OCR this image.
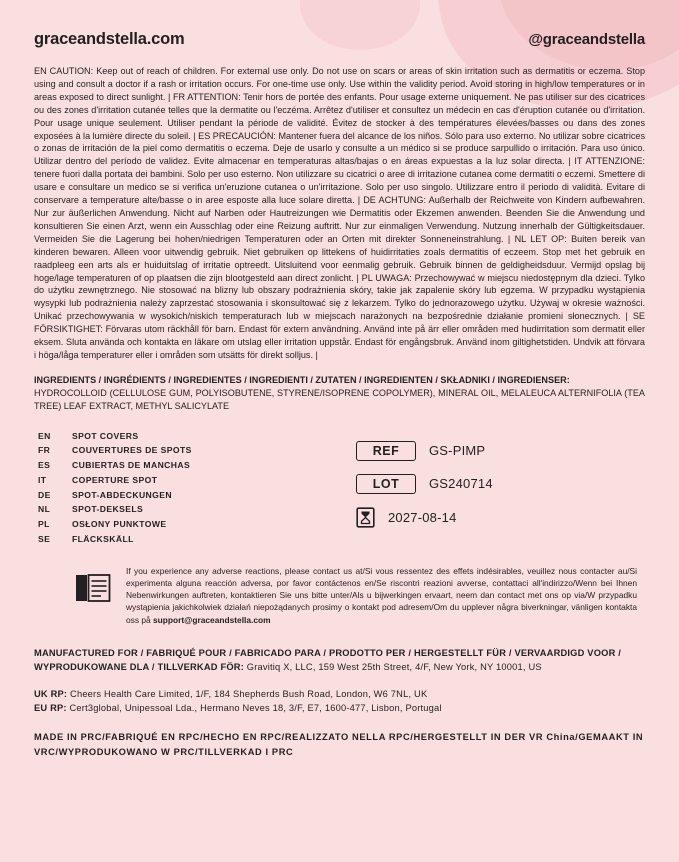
graceandstella.com	@graceandstella
EN CAUTION: Keep out of reach of children. For external use only. Do not use on scars or areas of skin irritation such as dermatitis or eczema. Stop using and consult a doctor if a rash or irritation occurs. For one-time use only. Use within the validity period. Avoid storing in high/low temperatures or in areas exposed to direct sunlight. | FR ATTENTION: Tenir hors de portée des enfants. Pour usage externe uniquement. Ne pas utiliser sur des cicatrices ou des zones d'irritation cutanée telles que la dermatite ou l'eczéma. Arrêtez d'utiliser et consultez un médecin en cas d'éruption cutanée ou d'irritation. Pour usage unique seulement. Utiliser pendant la période de validité. Évitez de stocker à des températures élevées/basses ou dans des zones exposées à la lumière directe du soleil. | ES PRECAUCIÓN: Mantener fuera del alcance de los niños. Sólo para uso externo. No utilizar sobre cicatrices o zonas de irritación de la piel como dermatitis o eczema. Deje de usarlo y consulte a un médico si se produce sarpullido o irritación. Para uso único. Utilizar dentro del período de validez. Evite almacenar en temperaturas altas/bajas o en áreas expuestas a la luz solar directa. | IT ATTENZIONE: tenere fuori dalla portata dei bambini. Solo per uso esterno. Non utilizzare su cicatrici o aree di irritazione cutanea come dermatiti o eczemi. Smettere di usare e consultare un medico se si verifica un'eruzione cutanea o un'irritazione. Solo per uso singolo. Utilizzare entro il periodo di validità. Evitare di conservare a temperature alte/basse o in aree esposte alla luce solare diretta. | DE ACHTUNG: Außerhalb der Reichweite von Kindern aufbewahren. Nur zur äußerlichen Anwendung. Nicht auf Narben oder Hautreizungen wie Dermatitis oder Ekzemen anwenden. Beenden Sie die Anwendung und konsultieren Sie einen Arzt, wenn ein Ausschlag oder eine Reizung auftritt. Nur zur einmaligen Verwendung. Nutzung innerhalb der Gültigkeitsdauer. Vermeiden Sie die Lagerung bei hohen/niedrigen Temperaturen oder an Orten mit direkter Sonneneinstrahlung. | NL LET OP: Buiten bereik van kinderen bewaren. Alleen voor uitwendig gebruik. Niet gebruiken op littekens of huidirritaties zoals dermatitis of eczeem. Stop met het gebruik en raadpleeg een arts als er huiduitslag of irritatie optreedt. Uitsluitend voor eenmalig gebruik. Gebruik binnen de geldigheidsduur. Vermijd opslag bij hoge/lage temperaturen of op plaatsen die zijn blootgesteld aan direct zonlicht. | PL UWAGA: Przechowywać w miejscu niedostępnym dla dzieci. Tylko do użytku zewnętrznego. Nie stosować na blizny lub obszary podrażnienia skóry, takie jak zapalenie skóry lub egzema. W przypadku wystąpienia wysypki lub podrażnienia należy zaprzestać stosowania i skonsultować się z lekarzem. Tylko do jednorazowego użytku. Używaj w okresie ważności. Unikać przechowywania w wysokich/niskich temperaturach lub w miejscach narażonych na bezpośrednie działanie promieni słonecznych. | SE FÖRSIKTIGHET: Förvaras utom räckhåll för barn. Endast för extern användning. Använd inte på ärr eller områden med hudirritation som dermatit eller eksem. Sluta använda och kontakta en läkare om utslag eller irritation uppstår. Endast för engångsbruk. Använd inom giltighetstiden. Undvik att förvara i höga/låga temperaturer eller i områden som utsätts för direkt solljus. |
INGREDIENTS / INGRÉDIENTS / INGREDIENTES / INGREDIENTI / ZUTATEN / INGREDIENTEN / SKŁADNIKI / INGREDIENSER:
HYDROCOLLOID (CELLULOSE GUM, POLYISOBUTENE, STYRENE/ISOPRENE COPOLYMER), MINERAL OIL, MELALEUCA ALTERNIFOLIA (TEA TREE) LEAF EXTRACT, METHYL SALICYLATE
EN	SPOT COVERS
FR	COUVERTURES DE SPOTS
ES	CUBIERTAS DE MANCHAS
IT	COPERTURE SPOT
DE	SPOT-ABDECKUNGEN
NL	SPOT-DEKSELS
PL	OSŁONY PUNKTOWE
SE	FLÄCKSKÄLL
REF	GS-PIMP
LOT	GS240714
2027-08-14
If you experience any adverse reactions, please contact us at/Si vous ressentez des effets indésirables, veuillez nous contacter au/Si experimenta alguna reacción adversa, por favor contáctenos en/Se riscontri reazioni avverse, contattaci all'indirizzo/Wenn bei Ihnen Nebenwirkungen auftreten, kontaktieren Sie uns bitte unter/Als u bijwerkingen ervaart, neem dan contact met ons op via/W przypadku wystąpienia jakichkolwiek działań niepożądanych prosimy o kontakt pod adresem/Om du upplever några biverkningar, vänligen kontakta oss på support@graceandstella.com
MANUFACTURED FOR / FABRIQUÉ POUR / FABRICADO PARA / PRODOTTO PER / HERGESTELLT FÜR / VERVAARDIGD VOOR / WYPRODUKOWANE DLA / TILLVERKAD FÖR: Gravitiq X, LLC, 159 West 25th Street, 4/F, New York, NY 10001, US
UK RP: Cheers Health Care Limited, 1/F, 184 Shepherds Bush Road, London, W6 7NL, UK
EU RP: Cert3global, Unipessoal Lda., Hermano Neves 18, 3/F, E7, 1600-477, Lisbon, Portugal
MADE IN PRC/FABRIQUÉ EN RPC/HECHO EN RPC/REALIZZATO NELLA RPC/HERGESTELLT IN DER VR China/GEMAAKT IN VRC/WYPRODUKOWANO W PRC/TILLVERKAD I PRC
